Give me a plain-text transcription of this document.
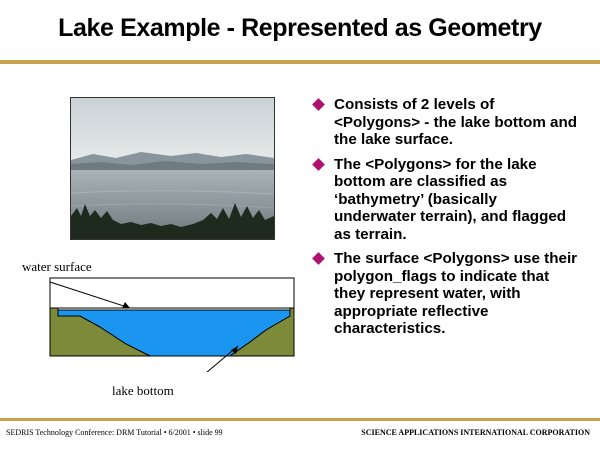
Lake Example - Represented as Geometry
water surface
lake bottom
Consists of 2 levels of <Polygons> - the lake bottom and the lake surface.
The <Polygons> for the lake bottom are classified as ‘bathymetry’ (basically underwater terrain), and flagged as terrain.
The surface <Polygons> use their polygon_flags to indicate that they represent water, with appropriate reflective characteristics.
SEDRIS Technology Conference: DRM Tutorial • 6/2001 • slide 99	SCIENCE APPLICATIONS INTERNATIONAL CORPORATION
